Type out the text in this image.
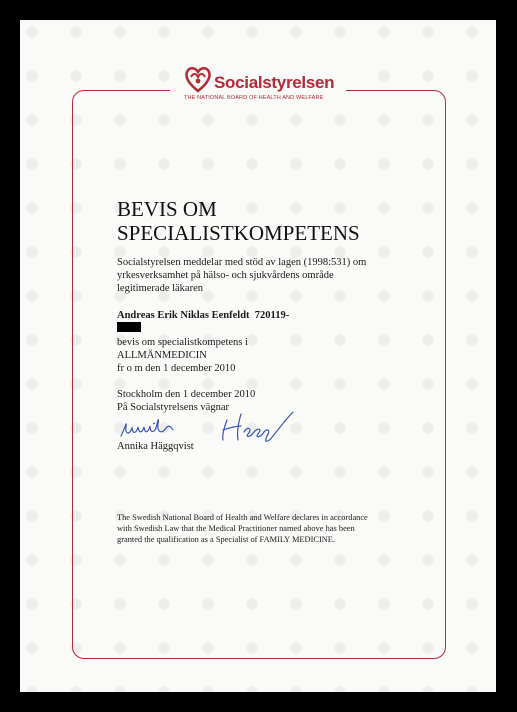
Socialstyrelsen
THE NATIONAL BOARD OF HEALTH AND WELFARE
BEVIS OM
SPECIALISTKOMPETENS
Socialstyrelsen meddelar med stöd av lagen (1998:531) om
yrkesverksamhet på hälso- och sjukvårdens område
legitimerade läkaren
Andreas Erik Niklas Eenfeldt 720119-
bevis om specialistkompetens i
ALLMÄNMEDICIN
fr o m den 1 december 2010
Stockholm den 1 december 2010
På Socialstyrelsens vägnar
Annika Häggqvist
The Swedish National Board of Health and Welfare declares in accordance
with Swedish Law that the Medical Practitioner named above has been
granted the qualification as a Specialist of FAMILY MEDICINE.
